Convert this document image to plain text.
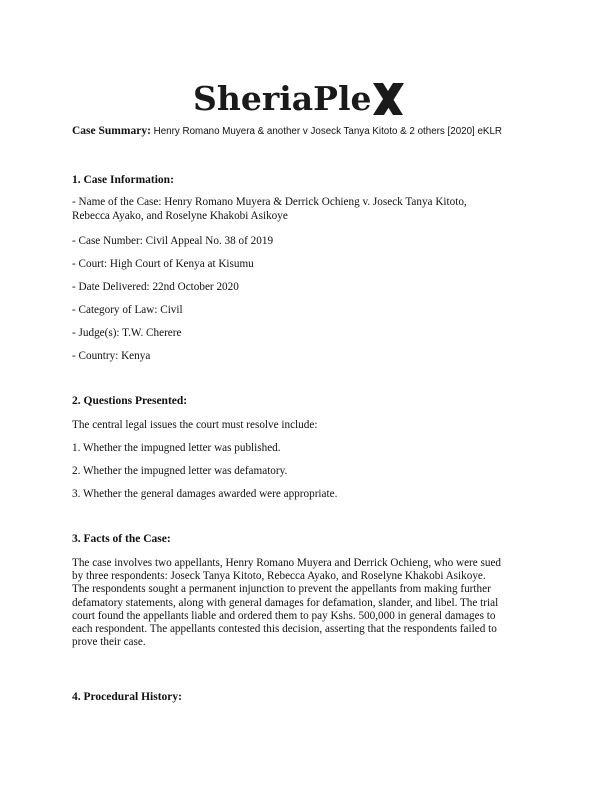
SheriaPle
Case Summary: Henry Romano Muyera & another v Joseck Tanya Kitoto & 2 others [2020] eKLR
1. Case Information:
- Name of the Case: Henry Romano Muyera & Derrick Ochieng v. Joseck Tanya Kitoto,
Rebecca Ayako, and Roselyne Khakobi Asikoye
- Case Number: Civil Appeal No. 38 of 2019
- Court: High Court of Kenya at Kisumu
- Date Delivered: 22nd October 2020
- Category of Law: Civil
- Judge(s): T.W. Cherere
- Country: Kenya
2. Questions Presented:
The central legal issues the court must resolve include:
1. Whether the impugned letter was published.
2. Whether the impugned letter was defamatory.
3. Whether the general damages awarded were appropriate.
3. Facts of the Case:
The case involves two appellants, Henry Romano Muyera and Derrick Ochieng, who were sued
by three respondents: Joseck Tanya Kitoto, Rebecca Ayako, and Roselyne Khakobi Asikoye.
The respondents sought a permanent injunction to prevent the appellants from making further
defamatory statements, along with general damages for defamation, slander, and libel. The trial
court found the appellants liable and ordered them to pay Kshs. 500,000 in general damages to
each respondent. The appellants contested this decision, asserting that the respondents failed to
prove their case.
4. Procedural History:
